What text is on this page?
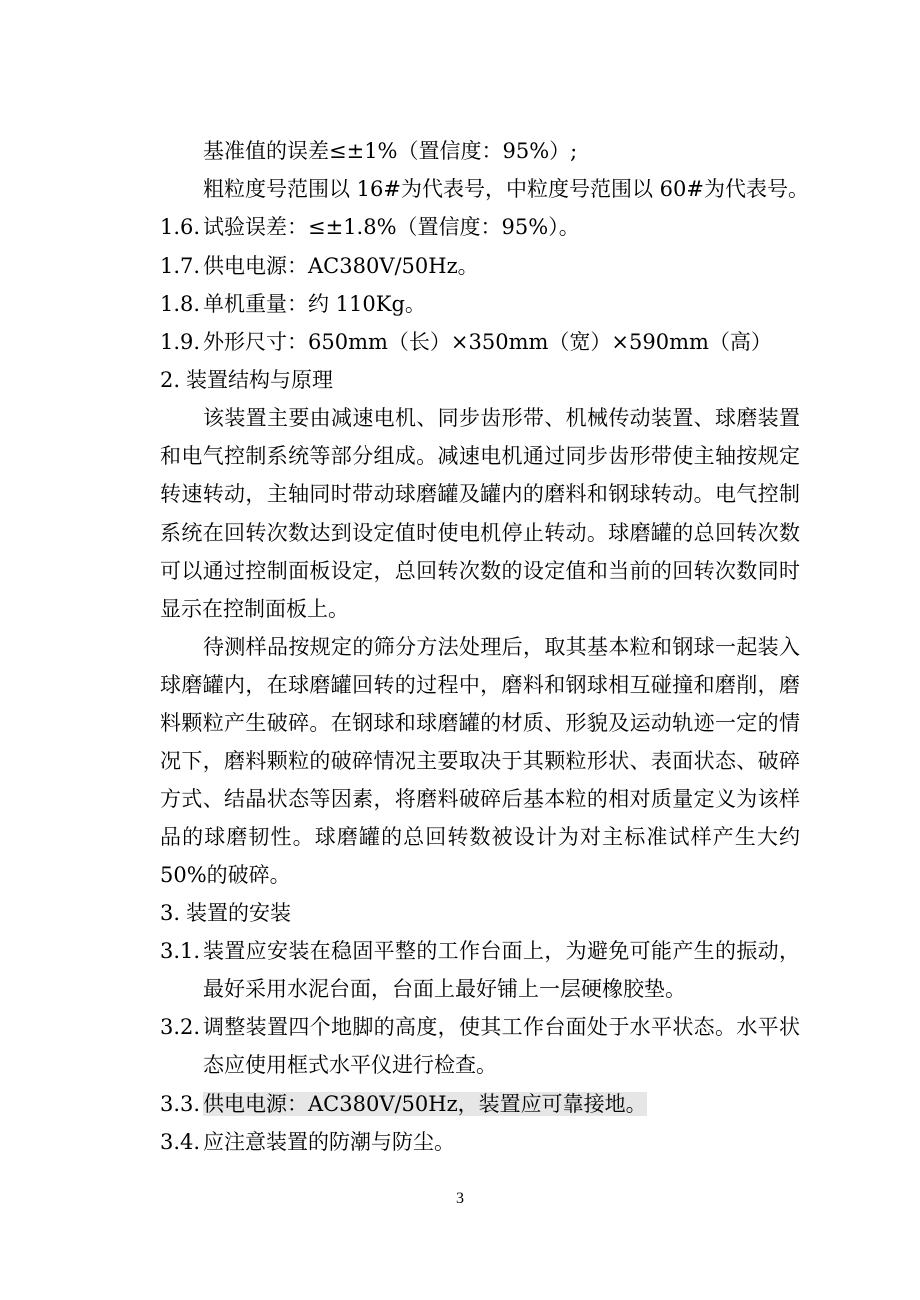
基准值的误差≤±1%（置信度：95%）;
粗粒度号范围以 16#为代表号，中粒度号范围以 60#为代表号。
1.6. 试验误差：≤±1.8%（置信度：95%）。
1.7. 供电电源：AC380V/50Hz。
1.8. 单机重量：约 110Kg。
1.9. 外形尺寸：650mm（长）×350mm（宽）×590mm（高）
2. 装置结构与原理
该装置主要由减速电机、同步齿形带、机械传动装置、球磨装置
和电气控制系统等部分组成。减速电机通过同步齿形带使主轴按规定
转速转动，主轴同时带动球磨罐及罐内的磨料和钢球转动。电气控制
系统在回转次数达到设定值时使电机停止转动。球磨罐的总回转次数
可以通过控制面板设定，总回转次数的设定值和当前的回转次数同时
显示在控制面板上。
待测样品按规定的筛分方法处理后，取其基本粒和钢球一起装入
球磨罐内，在球磨罐回转的过程中，磨料和钢球相互碰撞和磨削，磨
料颗粒产生破碎。在钢球和球磨罐的材质、形貌及运动轨迹一定的情
况下，磨料颗粒的破碎情况主要取决于其颗粒形状、表面状态、破碎
方式、结晶状态等因素，将磨料破碎后基本粒的相对质量定义为该样
品的球磨韧性。球磨罐的总回转数被设计为对主标准试样产生大约
50%的破碎。
3. 装置的安装
3.1. 装置应安装在稳固平整的工作台面上，为避免可能产生的振动，
最好采用水泥台面，台面上最好铺上一层硬橡胶垫。
3.2. 调整装置四个地脚的高度，使其工作台面处于水平状态。水平状
态应使用框式水平仪进行检查。
3.3. 供电电源：AC380V/50Hz，装置应可靠接地。
3.4. 应注意装置的防潮与防尘。
3
